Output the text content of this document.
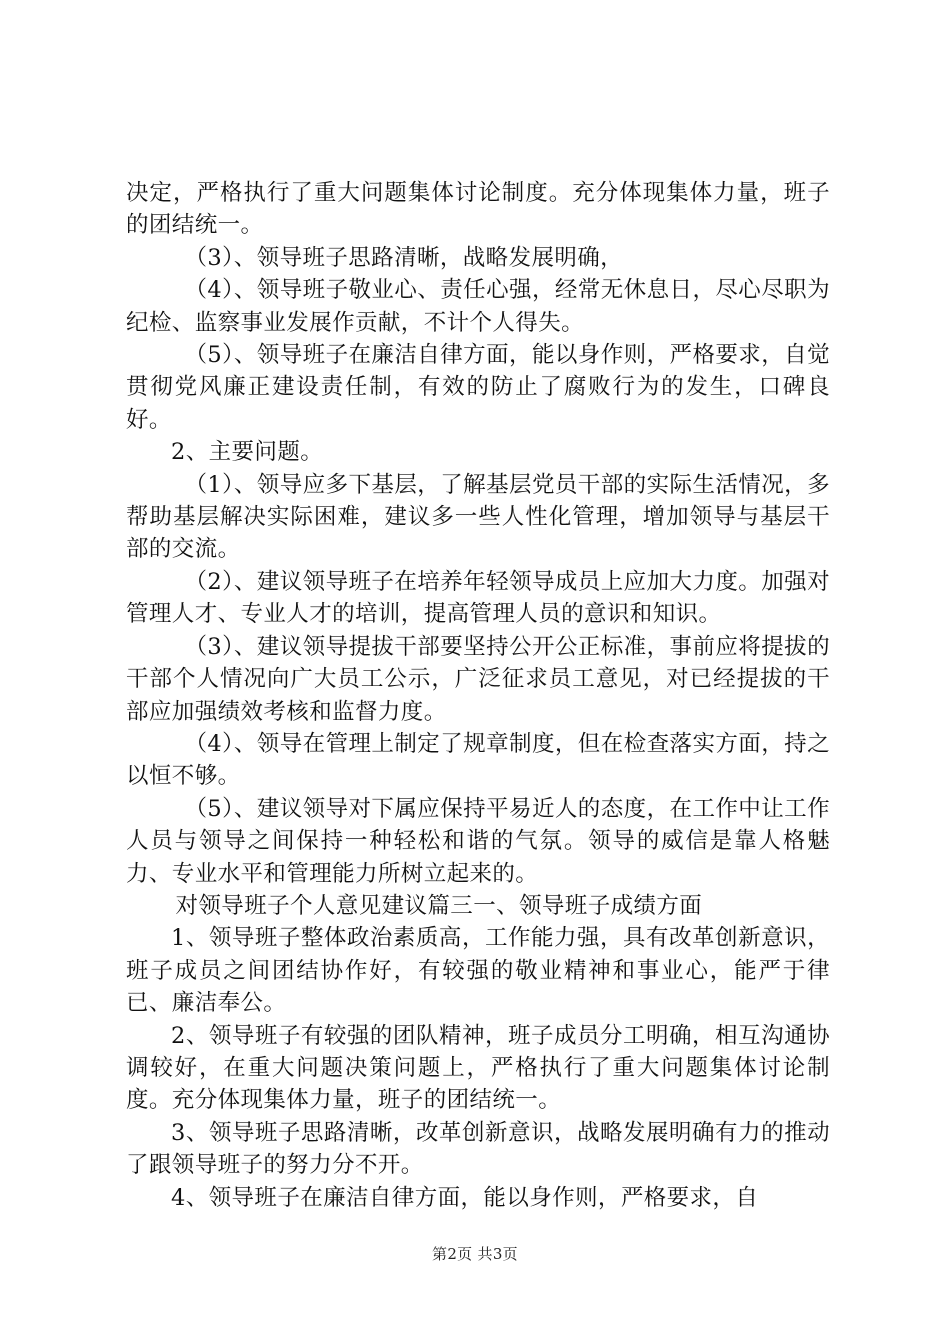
决定，严格执行了重大问题集体讨论制度。充分体现集体力量，班子的团结统一。

（3）、领导班子思路清晰，战略发展明确，

（4）、领导班子敬业心、责任心强，经常无休息日，尽心尽职为纪检、监察事业发展作贡献，不计个人得失。

（5）、领导班子在廉洁自律方面，能以身作则，严格要求，自觉贯彻党风廉正建设责任制，有效的防止了腐败行为的发生，口碑良好。

2、主要问题。

（1）、领导应多下基层，了解基层党员干部的实际生活情况，多帮助基层解决实际困难，建议多一些人性化管理，增加领导与基层干部的交流。

（2）、建议领导班子在培养年轻领导成员上应加大力度。加强对管理人才、专业人才的培训，提高管理人员的意识和知识。

（3）、建议领导提拔干部要坚持公开公正标准，事前应将提拔的干部个人情况向广大员工公示，广泛征求员工意见，对已经提拔的干部应加强绩效考核和监督力度。

（4）、领导在管理上制定了规章制度，但在检查落实方面，持之以恒不够。

（5）、建议领导对下属应保持平易近人的态度，在工作中让工作人员与领导之间保持一种轻松和谐的气氛。领导的威信是靠人格魅力、专业水平和管理能力所树立起来的。

对领导班子个人意见建议篇三一、领导班子成绩方面

1、领导班子整体政治素质高，工作能力强，具有改革创新意识，班子成员之间团结协作好，有较强的敬业精神和事业心，能严于律已、廉洁奉公。

2、领导班子有较强的团队精神，班子成员分工明确，相互沟通协调较好，在重大问题决策问题上，严格执行了重大问题集体讨论制度。充分体现集体力量，班子的团结统一。

3、领导班子思路清晰，改革创新意识，战略发展明确有力的推动了跟领导班子的努力分不开。

4、领导班子在廉洁自律方面，能以身作则，严格要求，自

第2页 共3页
